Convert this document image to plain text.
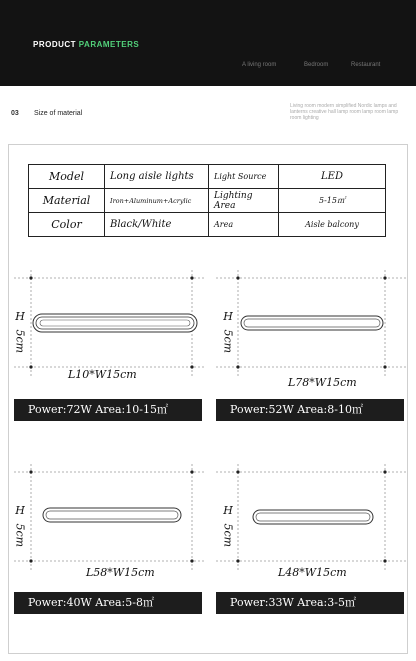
PRODUCT PARAMETERS
A living room	Bedroom	Restaurant
03 Size of material
Living room modern simplified Nordic lamps and lanterns creative hall lamp room lamp room lamp room lighting
Model	Long aisle lights	Light Source	LED
Material	Iron+Aluminum+Acrylic	Lighting Area	5-15㎡
Color	Black/White	Area	Aisle balcony
H
5cm
L10*W15cm
Power:72W Area:10-15㎡
H
5cm
L78*W15cm
Power:52W Area:8-10㎡
H
5cm
L58*W15cm
Power:40W Area:5-8㎡
H
5cm
L48*W15cm
Power:33W Area:3-5㎡
